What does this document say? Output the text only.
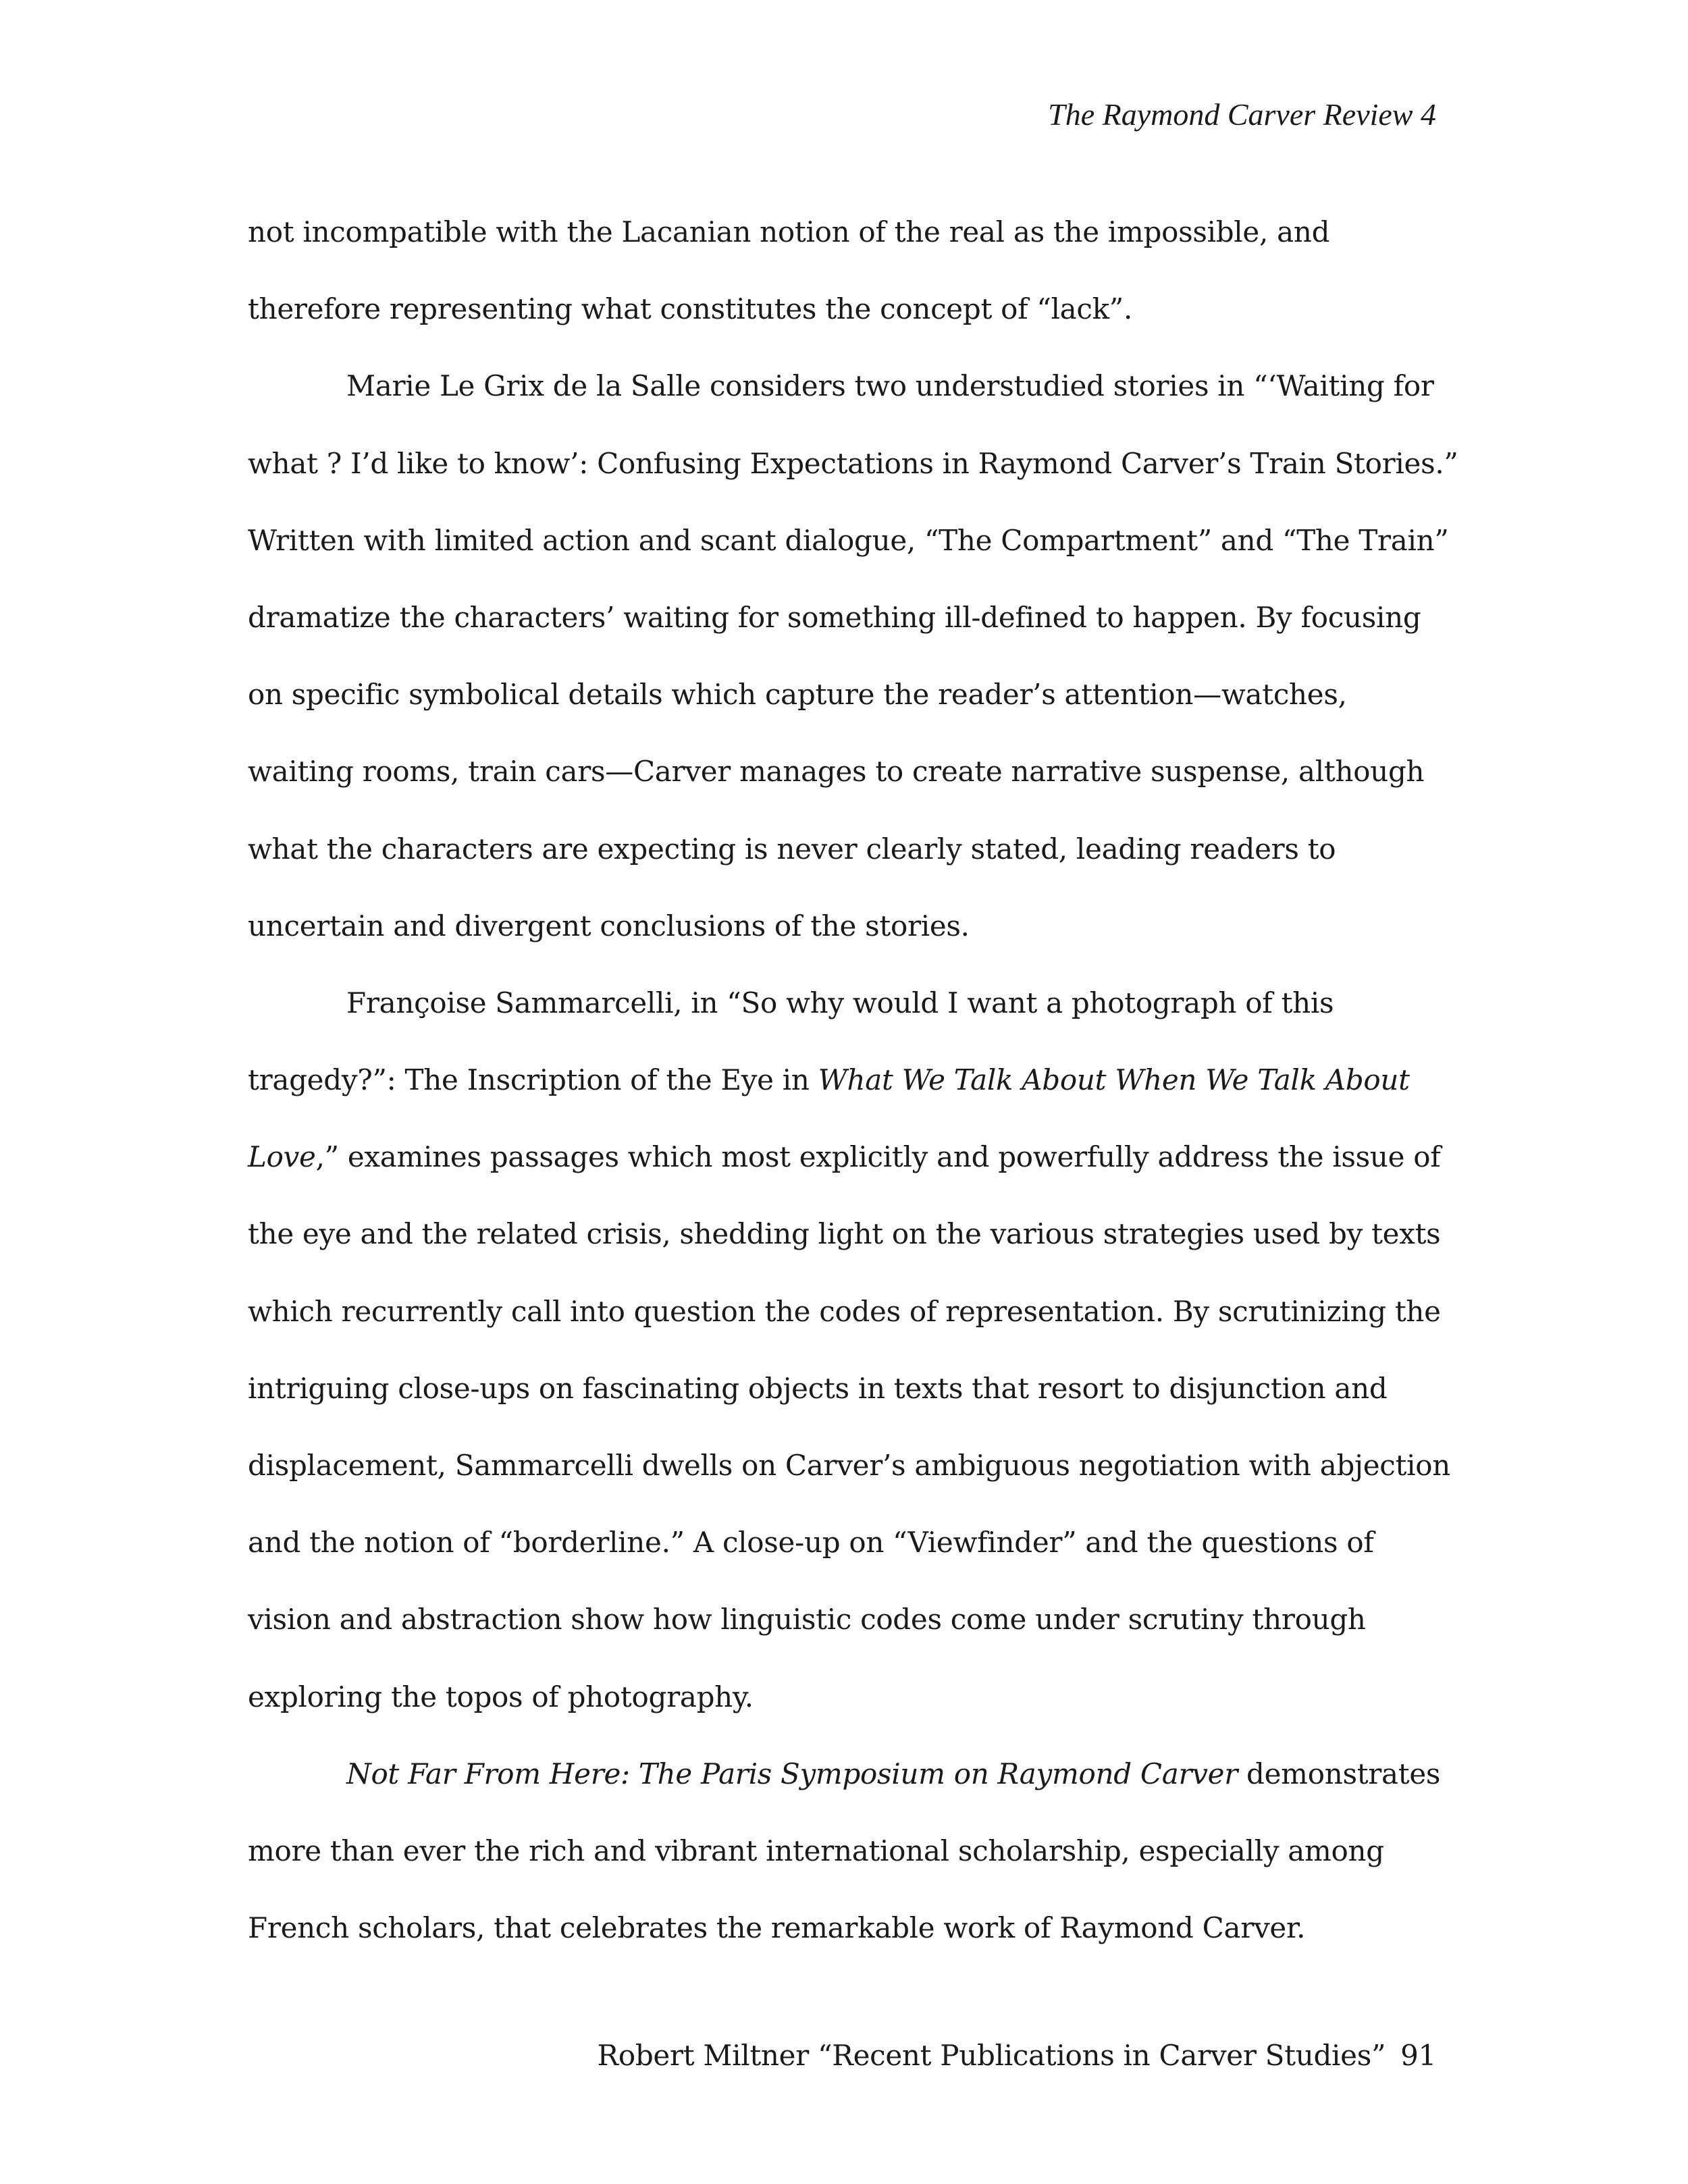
The Raymond Carver Review 4

not incompatible with the Lacanian notion of the real as the impossible, and
therefore representing what constitutes the concept of “lack”.

Marie Le Grix de la Salle considers two understudied stories in “‘Waiting for
what ? I’d like to know’: Confusing Expectations in Raymond Carver’s Train Stories.”
Written with limited action and scant dialogue, “The Compartment” and “The Train”
dramatize the characters’ waiting for something ill-defined to happen. By focusing
on specific symbolical details which capture the reader’s attention—watches,
waiting rooms, train cars—Carver manages to create narrative suspense, although
what the characters are expecting is never clearly stated, leading readers to
uncertain and divergent conclusions of the stories.

Françoise Sammarcelli, in “So why would I want a photograph of this
tragedy?”: The Inscription of the Eye in What We Talk About When We Talk About
Love,” examines passages which most explicitly and powerfully address the issue of
the eye and the related crisis, shedding light on the various strategies used by texts
which recurrently call into question the codes of representation. By scrutinizing the
intriguing close-ups on fascinating objects in texts that resort to disjunction and
displacement, Sammarcelli dwells on Carver’s ambiguous negotiation with abjection
and the notion of “borderline.” A close-up on “Viewfinder” and the questions of
vision and abstraction show how linguistic codes come under scrutiny through
exploring the topos of photography.

Not Far From Here: The Paris Symposium on Raymond Carver demonstrates
more than ever the rich and vibrant international scholarship, especially among
French scholars, that celebrates the remarkable work of Raymond Carver.

Robert Miltner “Recent Publications in Carver Studies” 91
